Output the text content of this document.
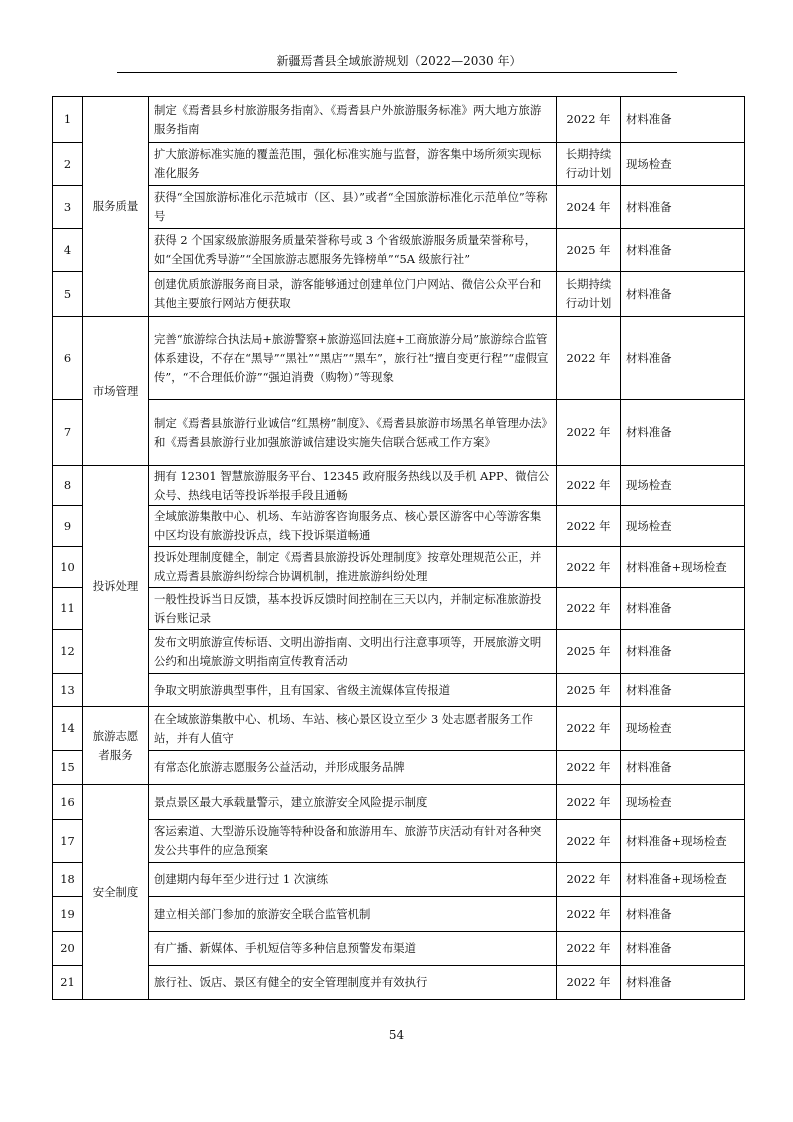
新疆焉耆县全域旅游规划（2022—2030 年）
1	服务质量	制定《焉耆县乡村旅游服务指南》、《焉耆县户外旅游服务标准》两大地方旅游服务指南	2022 年	材料准备
2		扩大旅游标准实施的覆盖范围，强化标准实施与监督，游客集中场所须实现标准化服务	长期持续行动计划	现场检查
3		获得“全国旅游标准化示范城市（区、县）”或者“全国旅游标准化示范单位”等称号	2024 年	材料准备
4		获得 2 个国家级旅游服务质量荣誉称号或 3 个省级旅游服务质量荣誉称号，如“全国优秀导游”“全国旅游志愿服务先锋榜单”“5A 级旅行社”	2025 年	材料准备
5		创建优质旅游服务商目录，游客能够通过创建单位门户网站、微信公众平台和其他主要旅行网站方便获取	长期持续行动计划	材料准备
6	市场管理	完善“旅游综合执法局+旅游警察+旅游巡回法庭+工商旅游分局”旅游综合监管体系建设，不存在“黑导”“黑社”“黑店”“黑车”，旅行社“擅自变更行程”“虚假宣传”，“不合理低价游”“强迫消费（购物）”等现象	2022 年	材料准备
7		制定《焉耆县旅游行业诚信“红黑榜”制度》、《焉耆县旅游市场黑名单管理办法》和《焉耆县旅游行业加强旅游诚信建设实施失信联合惩戒工作方案》	2022 年	材料准备
8	投诉处理	拥有 12301 智慧旅游服务平台、12345 政府服务热线以及手机 APP、微信公众号、热线电话等投诉举报手段且通畅	2022 年	现场检查
9		全域旅游集散中心、机场、车站游客咨询服务点、核心景区游客中心等游客集中区均设有旅游投诉点，线下投诉渠道畅通	2022 年	现场检查
10		投诉处理制度健全，制定《焉耆县旅游投诉处理制度》按章处理规范公正，并成立焉耆县旅游纠纷综合协调机制，推进旅游纠纷处理	2022 年	材料准备+现场检查
11		一般性投诉当日反馈，基本投诉反馈时间控制在三天以内，并制定标准旅游投诉台账记录	2022 年	材料准备
12		发布文明旅游宣传标语、文明出游指南、文明出行注意事项等，开展旅游文明公约和出境旅游文明指南宣传教育活动	2025 年	材料准备
13		争取文明旅游典型事件，且有国家、省级主流媒体宣传报道	2025 年	材料准备
14	旅游志愿者服务	在全域旅游集散中心、机场、车站、核心景区设立至少 3 处志愿者服务工作站，并有人值守	2022 年	现场检查
15		有常态化旅游志愿服务公益活动，并形成服务品牌	2022 年	材料准备
16	安全制度	景点景区最大承载量警示，建立旅游安全风险提示制度	2022 年	现场检查
17		客运索道、大型游乐设施等特种设备和旅游用车、旅游节庆活动有针对各种突发公共事件的应急预案	2022 年	材料准备+现场检查
18		创建期内每年至少进行过 1 次演练	2022 年	材料准备+现场检查
19		建立相关部门参加的旅游安全联合监管机制	2022 年	材料准备
20		有广播、新媒体、手机短信等多种信息预警发布渠道	2022 年	材料准备
21		旅行社、饭店、景区有健全的安全管理制度并有效执行	2022 年	材料准备
54
